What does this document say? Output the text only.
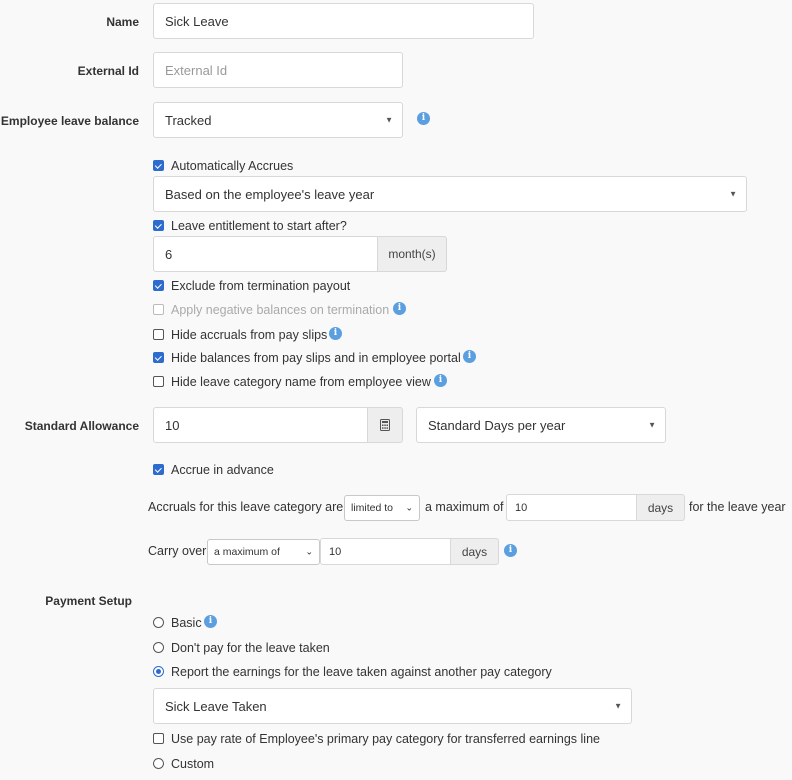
Name Sick Leave
External Id External Id
Employee leave balance Tracked	▼	i
Automatically Accrues
Based on the employee's leave year	▼
Leave entitlement to start after?
6	month(s)
Exclude from termination payout
Apply negative balances on termination i
Hide accruals from pay slips i
Hide balances from pay slips and in employee portal i
Hide leave category name from employee view i
Standard Allowance 10	Standard Days per year	▼
Accrue in advance
Accruals for this leave category are limited to ⌄ a maximum of 10	days	for the leave year
Carry over a maximum of	⌄ 10	days	i
Payment Setup
Basic i
Don't pay for the leave taken
Report the earnings for the leave taken against another pay category
Sick Leave Taken	▼
Use pay rate of Employee's primary pay category for transferred earnings line
Custom
